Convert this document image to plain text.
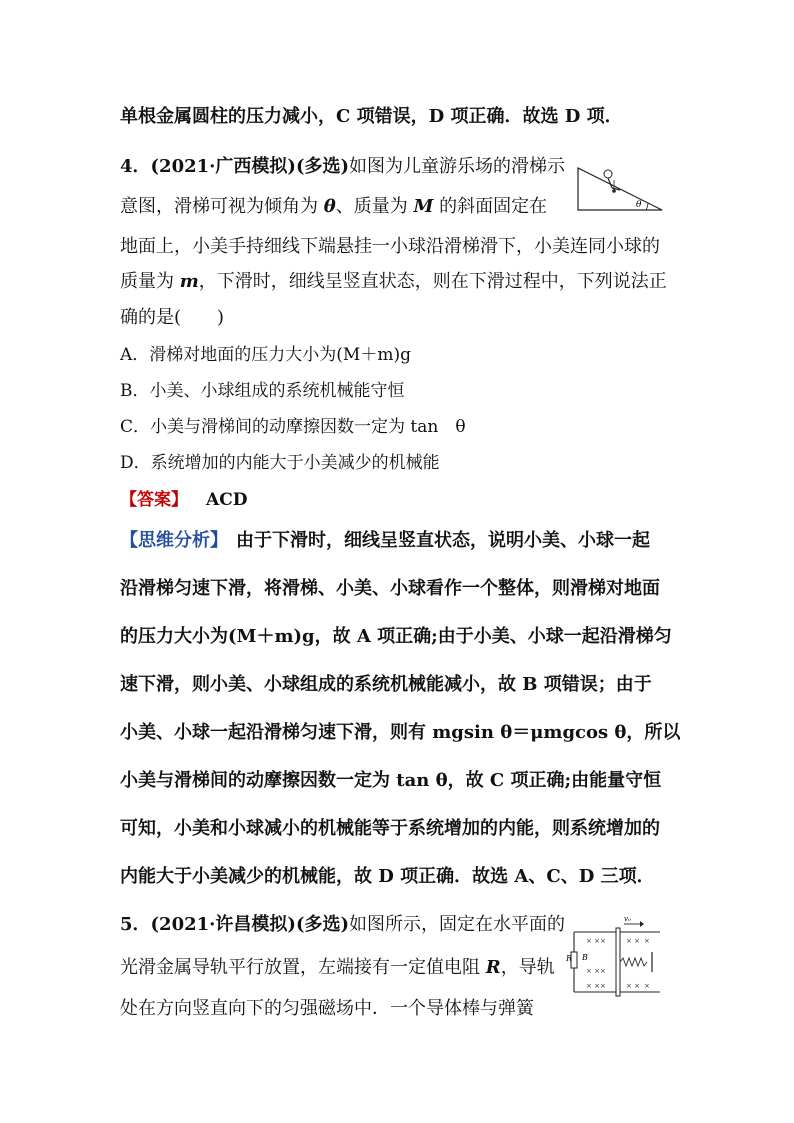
单根金属圆柱的压力减小，C 项错误，D 项正确．故选 D 项．
4．(2021·广西模拟)(多选)如图为儿童游乐场的滑梯示
θ
意图，滑梯可视为倾角为 θ、质量为 M 的斜面固定在
地面上，小美手持细线下端悬挂一小球沿滑梯滑下，小美连同小球的
质量为 m，下滑时，细线呈竖直状态，则在下滑过程中，下列说法正
确的是(　　)
A．滑梯对地面的压力大小为(M＋m)g
B．小美、小球组成的系统机械能守恒
C．小美与滑梯间的动摩擦因数一定为 tan　θ
D．系统增加的内能大于小美减少的机械能
【答案】 ACD
【思维分析】 由于下滑时，细线呈竖直状态，说明小美、小球一起
沿滑梯匀速下滑，将滑梯、小美、小球看作一个整体，则滑梯对地面
的压力大小为(M＋m)g，故 A 项正确;由于小美、小球一起沿滑梯匀
速下滑，则小美、小球组成的系统机械能减小，故 B 项错误；由于
小美、小球一起沿滑梯匀速下滑，则有 mgsin θ＝μmgcos θ，所以
小美与滑梯间的动摩擦因数一定为 tan θ，故 C 项正确;由能量守恒
可知，小美和小球减小的机械能等于系统增加的内能，则系统增加的
内能大于小美减少的机械能，故 D 项正确．故选 A、C、D 三项．
5．(2021·许昌模拟)(多选)如图所示，固定在水平面的
光滑金属导轨平行放置，左端接有一定值电阻 R，导轨
处在方向竖直向下的匀强磁场中．一个导体棒与弹簧
R B
v₀
× × ×
× × ×
× × ×
× × ×
× × ×
